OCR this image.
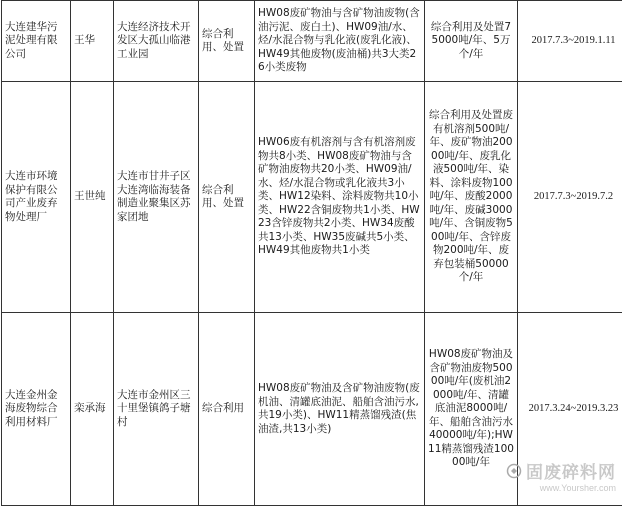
大连建华污泥处理有限公司	王华	大连经济技术开发区大孤山临港工业园	综合利用、处置	HW08废矿物油与含矿物油废物(含油污泥、废白土)、HW09油/水、烃/水混合物与乳化液(废乳化液)、HW49其他废物(废油桶)共3大类26小类废物	综合利用及处置75000吨/年、5万个/年	2017.7.3~2019.1.11
大连市环境保护有限公司产业废弃物处理厂	王世纯	大连市甘井子区大连湾临海装备制造业聚集区苏家团地	综合利用、处置	HW06废有机溶剂与含有机溶剂废物共8小类、HW08废矿物油与含矿物油废物共20小类、HW09油/水、烃/水混合物或乳化液共3小类、HW12染料、涂料废物共10小类、HW22含铜废物共1小类、HW23含锌废物共2小类、HW34废酸共13小类、HW35废碱共5小类、HW49其他废物共1小类	综合利用及处置废有机溶剂500吨/年、废矿物油20000吨/年、废乳化液500吨/年、染料、涂料废物100吨/年、废酸2000吨/年、废碱3000吨/年、含铜废物500吨/年、含锌废物200吨/年、废弃包装桶50000个/年	2017.7.3~2019.7.2
大连金州金海废物综合利用材料厂	栾承海	大连市金州区三十里堡镇鸽子塘村	综合利用	HW08废矿物油及含矿物油废物(废机油、清罐底油泥、船舶含油污水,共19小类)、HW11精蒸馏残渣(焦油渣,共13小类)	HW08废矿物油及含矿物油废物50000吨/年(废机油2000吨/年、清罐底油泥8000吨/年、船舶含油污水40000吨/年);HW11精蒸馏残渣10000吨/年	2017.3.24~2019.3.23
固废碎料网
www.Yoursher.com
